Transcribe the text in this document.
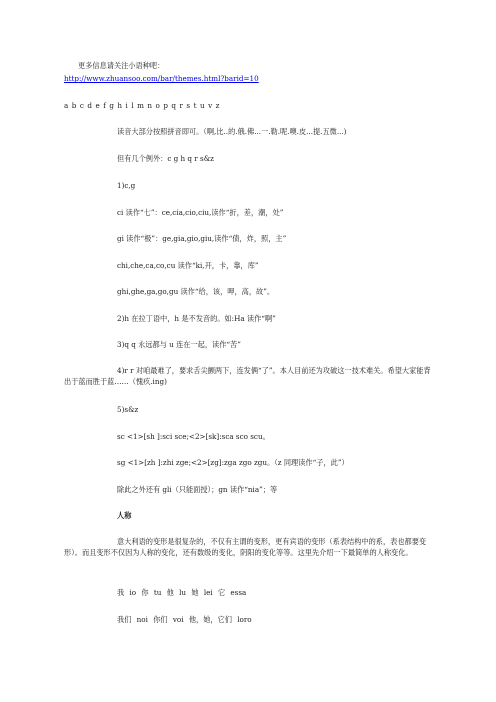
更多信息请关注小语种吧：
http://www.zhuansoo.com/bar/themes.html?barid=10
a b c d e f g h i l m n o p q r s t u v z
读音大部分按照拼音即可。（啊,比..的.俄.佛...一.勒.呢.噢.皮...提.五微...)
但有几个例外：c g h q r s&z
1)c,g
ci 读作“七”：ce,cia,cio,ciu,读作“折，差，潮，处”
gi 读作“极”：ge,gia,gio,giu,读作“债，炸，照，主”
chi,che,ca,co,cu 读作“ki,开，卡，靠，库”
ghi,ghe,ga,go,gu 读作“给，该，呷，高，故”。
2)h 在拉丁语中，h 是不发音的。如:Ha 读作“啊”
3)q q 永远都与 u 连在一起，读作“苦”
4)r r 对咱最难了，要求舌尖颤两下，连发俩“了”。本人目前还为攻破这一技术难关。希望大家能背出于蓝而胜于蓝……（愧疚.ing)
5)s&z
sc <1>[sh ]:sci sce;<2>[sk]:sca sco scu。
sg <1>[zh ]:zhi zge;<2>[zg]:zga zgo zgu。（z 同理读作“子，此”）
除此之外还有 gli（只能面授）；gn 读作“nia”；等
人称
意大利语的变形是很复杂的，不仅有主谓的变形，更有宾语的变形（系表结构中的系，表也都要变形）。而且变形不仅因为人称的变化，还有数级的变化，阴阳的变化等等。这里先介绍一下最简单的人称变化。
我 io 你 tu 他 lu 她 lei 它 essa
我们 noi 你们 voi 他，她，它们 loro
